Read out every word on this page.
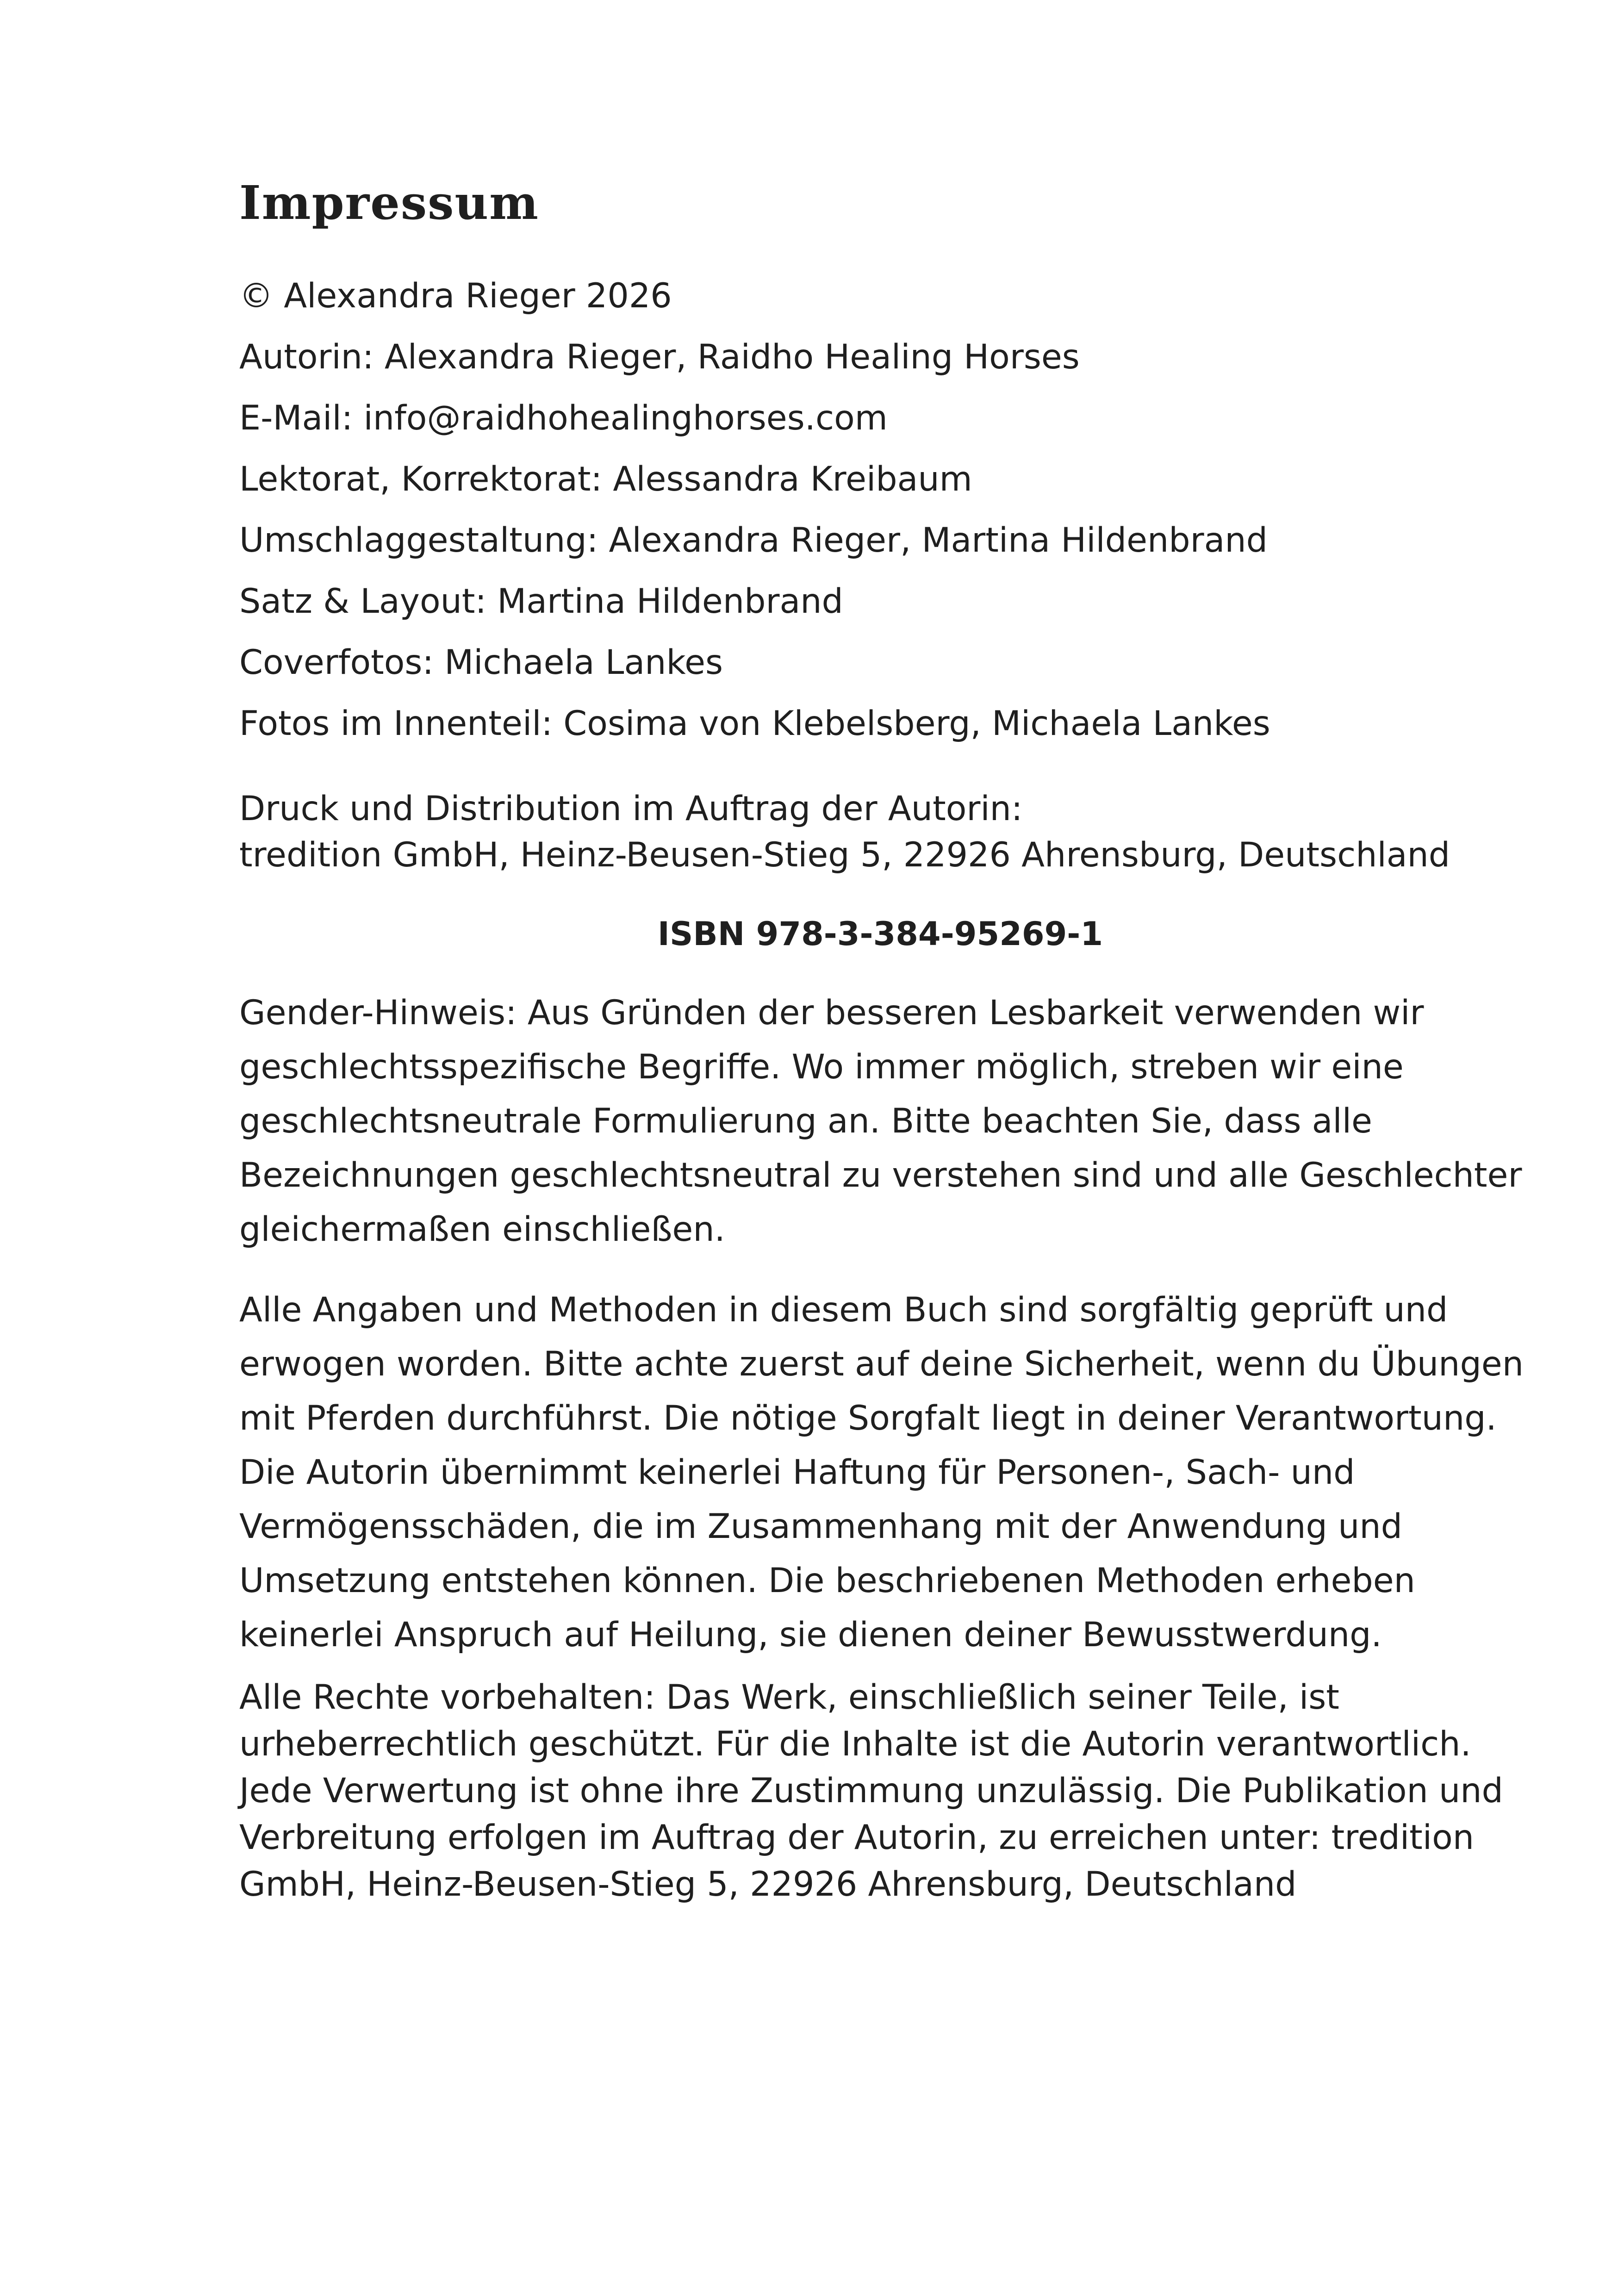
Impressum

© Alexandra Rieger 2026

Autorin: Alexandra Rieger, Raidho Healing Horses

E-Mail: info@raidhohealinghorses.com

Lektorat, Korrektorat: Alessandra Kreibaum

Umschlaggestaltung: Alexandra Rieger, Martina Hildenbrand

Satz & Layout: Martina Hildenbrand

Coverfotos: Michaela Lankes

Fotos im Innenteil: Cosima von Klebelsberg, Michaela Lankes

Druck und Distribution im Auftrag der Autorin:
tredition GmbH, Heinz-Beusen-Stieg 5, 22926 Ahrensburg, Deutschland

ISBN 978-3-384-95269-1

Gender-Hinweis: Aus Gründen der besseren Lesbarkeit verwenden wir
geschlechtsspezifische Begriffe. Wo immer möglich, streben wir eine
geschlechtsneutrale Formulierung an. Bitte beachten Sie, dass alle
Bezeichnungen geschlechtsneutral zu verstehen sind und alle Geschlechter
gleichermaßen einschließen.

Alle Angaben und Methoden in diesem Buch sind sorgfältig geprüft und
erwogen worden. Bitte achte zuerst auf deine Sicherheit, wenn du Übungen
mit Pferden durchführst. Die nötige Sorgfalt liegt in deiner Verantwortung.
Die Autorin übernimmt keinerlei Haftung für Personen-, Sach- und
Vermögensschäden, die im Zusammenhang mit der Anwendung und
Umsetzung entstehen können. Die beschriebenen Methoden erheben
keinerlei Anspruch auf Heilung, sie dienen deiner Bewusstwerdung.

Alle Rechte vorbehalten: Das Werk, einschließlich seiner Teile, ist
urheberrechtlich geschützt. Für die Inhalte ist die Autorin verantwortlich.
Jede Verwertung ist ohne ihre Zustimmung unzulässig. Die Publikation und
Verbreitung erfolgen im Auftrag der Autorin, zu erreichen unter: tredition
GmbH, Heinz-Beusen-Stieg 5, 22926 Ahrensburg, Deutschland
